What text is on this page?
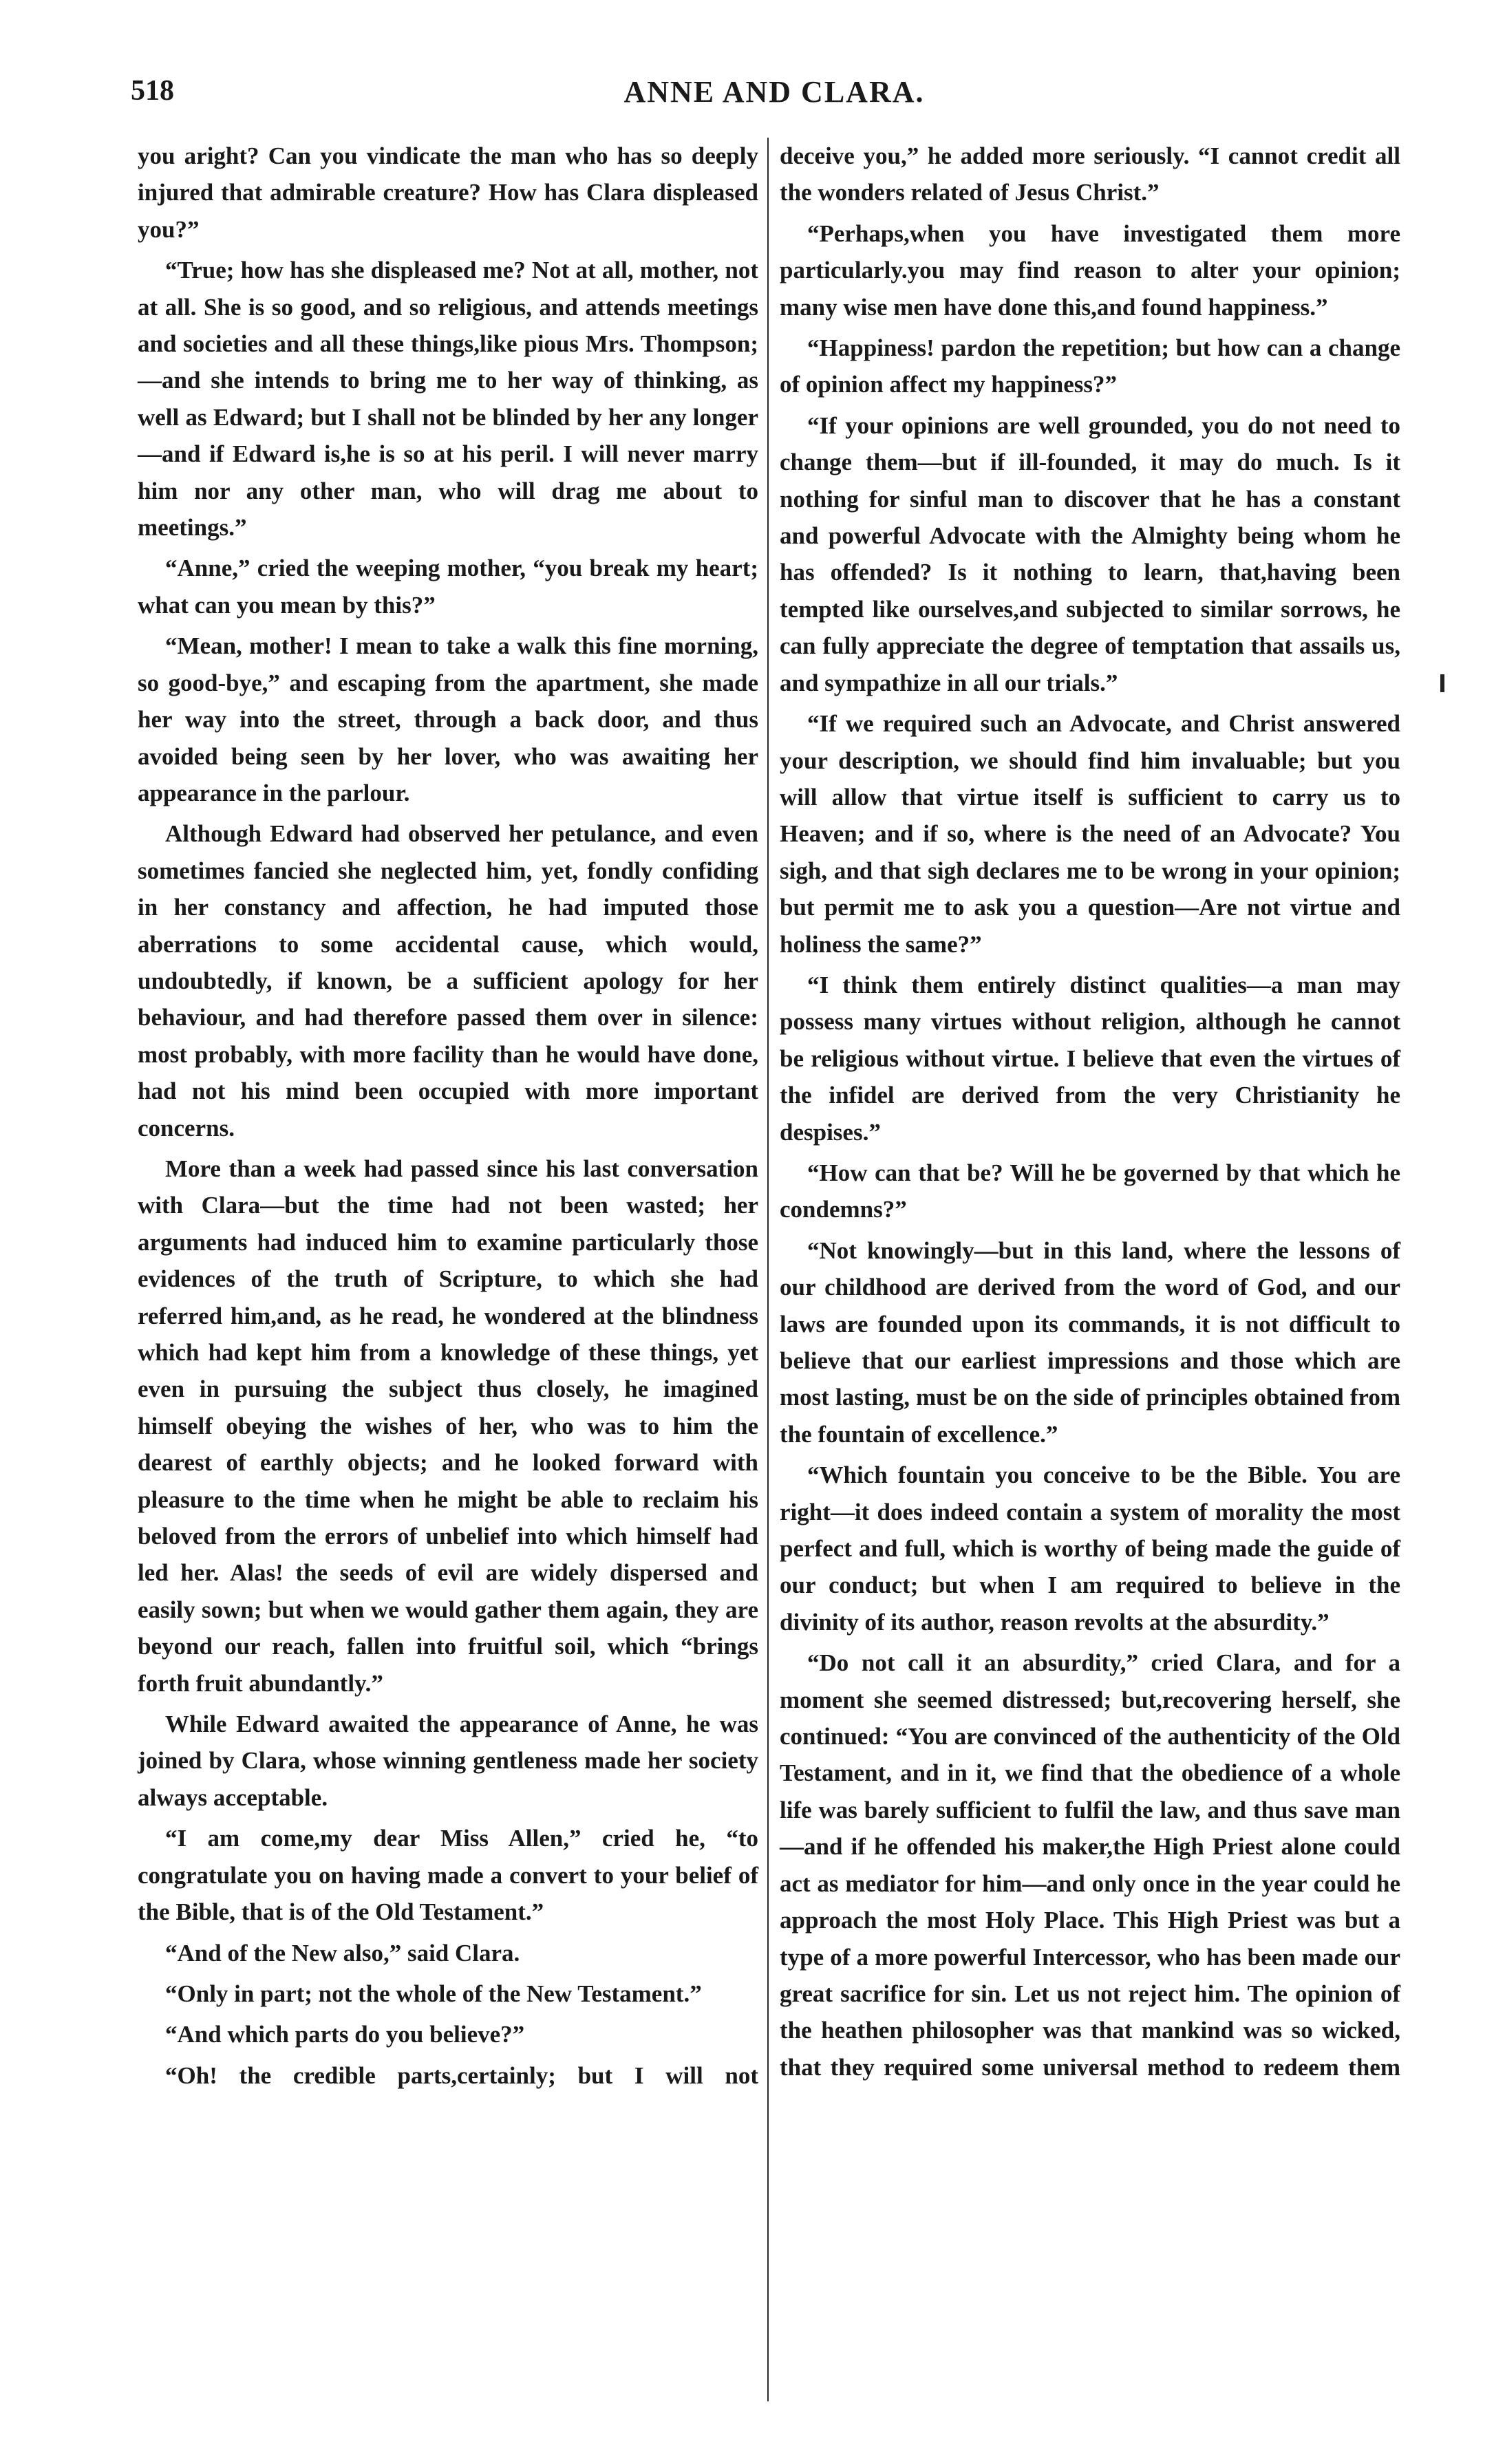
518	ANNE AND CLARA.

you aright? Can you vindicate the man who has so deeply injured that admirable creature? How has Clara displeased you?”

“True; how has she displeased me? Not at all, mother, not at all. She is so good, and so religious, and attends meetings and societies and all these things,like pious Mrs. Thompson;—and she intends to bring me to her way of thinking, as well as Edward; but I shall not be blinded by her any longer—and if Edward is,he is so at his peril. I will never marry him nor any other man, who will drag me about to meetings.”

“Anne,” cried the weeping mother, “you break my heart; what can you mean by this?”

“Mean, mother! I mean to take a walk this fine morning, so good-bye,” and escaping from the apartment, she made her way into the street, through a back door, and thus avoided being seen by her lover, who was awaiting her appearance in the parlour.

Although Edward had observed her petulance, and even sometimes fancied she neglected him, yet, fondly confiding in her constancy and affection, he had imputed those aberrations to some accidental cause, which would, undoubtedly, if known, be a sufficient apology for her behaviour, and had therefore passed them over in silence: most probably, with more facility than he would have done, had not his mind been occupied with more important concerns.

More than a week had passed since his last conversation with Clara—but the time had not been wasted; her arguments had induced him to examine particularly those evidences of the truth of Scripture, to which she had referred him,and, as he read, he wondered at the blindness which had kept him from a knowledge of these things, yet even in pursuing the subject thus closely, he imagined himself obeying the wishes of her, who was to him the dearest of earthly objects; and he looked forward with pleasure to the time when he might be able to reclaim his beloved from the errors of unbelief into which himself had led her. Alas! the seeds of evil are widely dispersed and easily sown; but when we would gather them again, they are beyond our reach, fallen into fruitful soil, which “brings forth fruit abundantly.”

While Edward awaited the appearance of Anne, he was joined by Clara, whose winning gentleness made her society always acceptable.

“I am come,my dear Miss Allen,” cried he, “to congratulate you on having made a convert to your belief of the Bible, that is of the Old Testament.”

“And of the New also,” said Clara.

“Only in part; not the whole of the New Testament.”

“And which parts do you believe?”

“Oh! the credible parts,certainly; but I will not

deceive you,” he added more seriously. “I cannot credit all the wonders related of Jesus Christ.”

“Perhaps,when you have investigated them more particularly.you may find reason to alter your opinion; many wise men have done this,and found happiness.”

“Happiness! pardon the repetition; but how can a change of opinion affect my happiness?”

“If your opinions are well grounded, you do not need to change them—but if ill-founded, it may do much. Is it nothing for sinful man to discover that he has a constant and powerful Advocate with the Almighty being whom he has offended? Is it nothing to learn, that,having been tempted like ourselves,and subjected to similar sorrows, he can fully appreciate the degree of temptation that assails us, and sympathize in all our trials.”

“If we required such an Advocate, and Christ answered your description, we should find him invaluable; but you will allow that virtue itself is sufficient to carry us to Heaven; and if so, where is the need of an Advocate? You sigh, and that sigh declares me to be wrong in your opinion; but permit me to ask you a question—Are not virtue and holiness the same?”

“I think them entirely distinct qualities—a man may possess many virtues without religion, although he cannot be religious without virtue. I believe that even the virtues of the infidel are derived from the very Christianity he despises.”

“How can that be? Will he be governed by that which he condemns?”

“Not knowingly—but in this land, where the lessons of our childhood are derived from the word of God, and our laws are founded upon its commands, it is not difficult to believe that our earliest impressions and those which are most lasting, must be on the side of principles obtained from the fountain of excellence.”

“Which fountain you conceive to be the Bible. You are right—it does indeed contain a system of morality the most perfect and full, which is worthy of being made the guide of our conduct; but when I am required to believe in the divinity of its author, reason revolts at the absurdity.”

“Do not call it an absurdity,” cried Clara, and for a moment she seemed distressed; but,recovering herself, she continued: “You are convinced of the authenticity of the Old Testament, and in it, we find that the obedience of a whole life was barely sufficient to fulfil the law, and thus save man—and if he offended his maker,the High Priest alone could act as mediator for him—and only once in the year could he approach the most Holy Place. This High Priest was but a type of a more powerful Intercessor, who has been made our great sacrifice for sin. Let us not reject him. The opinion of the heathen philosopher was that mankind was so wicked, that they required some universal method to redeem them
